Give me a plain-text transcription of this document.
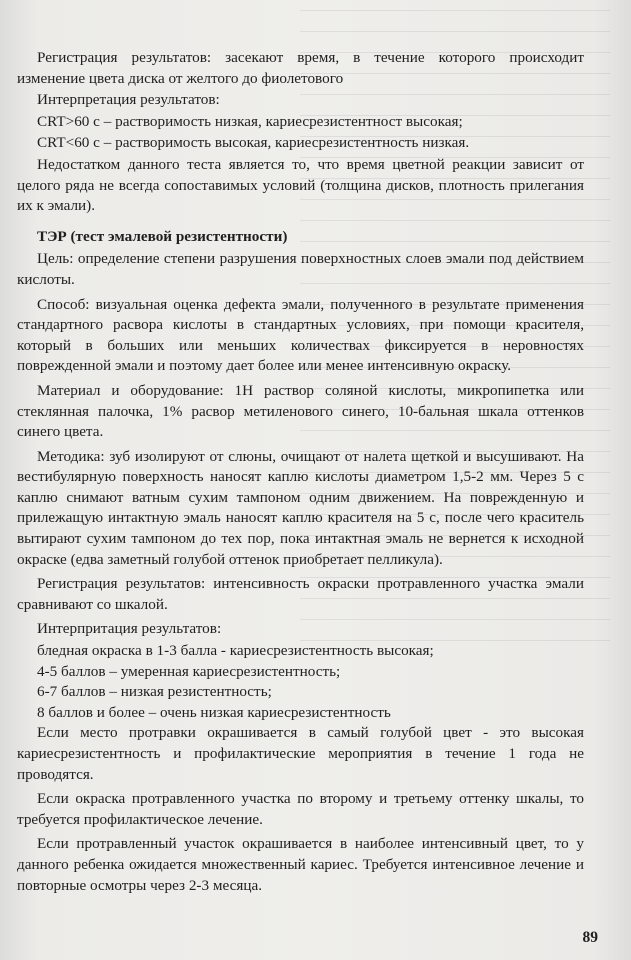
Регистрация результатов: засекают время, в течение которого происходит изменение цвета диска от желтого до фиолетового

Интерпретация результатов:

CRT>60 с – растворимость низкая, кариесрезистентност высокая;

CRT<60 с – растворимость высокая, кариесрезистентность низкая.

Недостатком данного теста является то, что время цветной реакции зависит от целого ряда не всегда сопоставимых условий (толщина дисков, плотность прилегания их к эмали).

ТЭР (тест эмалевой резистентности)

Цель: определение степени разрушения поверхностных слоев эмали под действием кислоты.

Способ: визуальная оценка дефекта эмали, полученного в результате применения стандартного расвора кислоты в стандартных условиях, при помощи красителя, который в больших или меньших количествах фиксируется в неровностях поврежденной эмали и поэтому дает более или менее интенсивную окраску.

Материал и оборудование: 1Н раствор соляной кислоты, микропипетка или стеклянная палочка, 1% расвор метиленового синего, 10-бальная шкала оттенков синего цвета.

Методика: зуб изолируют от слюны, очищают от налета щеткой и высушивают. На вестибулярную поверхность наносят каплю кислоты диаметром 1,5-2 мм. Через 5 с каплю снимают ватным сухим тампоном одним движением. На поврежденную и прилежащую интактную эмаль наносят каплю красителя на 5 с, после чего краситель вытирают сухим тампоном до тех пор, пока интактная эмаль не вернется к исходной окраске (едва заметный голубой оттенок приобретает пелликула).

Регистрация результатов: интенсивность окраски протравленного участка эмали сравнивают со шкалой.

Интерпритация результатов:

бледная окраска в 1-3 балла - кариесрезистентность высокая;

4-5 баллов – умеренная кариесрезистентность;

6-7 баллов – низкая резистентность;

8 баллов и более – очень низкая кариесрезистентность

Если место протравки окрашивается в самый голубой цвет - это высокая кариесрезистентность и профилактические мероприятия в течение 1 года не проводятся.

Если окраска протравленного участка по второму и третьему оттенку шкалы, то требуется профилактическое лечение.

Если протравленный участок окрашивается в наиболее интенсивный цвет, то у данного ребенка ожидается множественный кариес. Требуется интенсивное лечение и повторные осмотры через 2-3 месяца.

89
